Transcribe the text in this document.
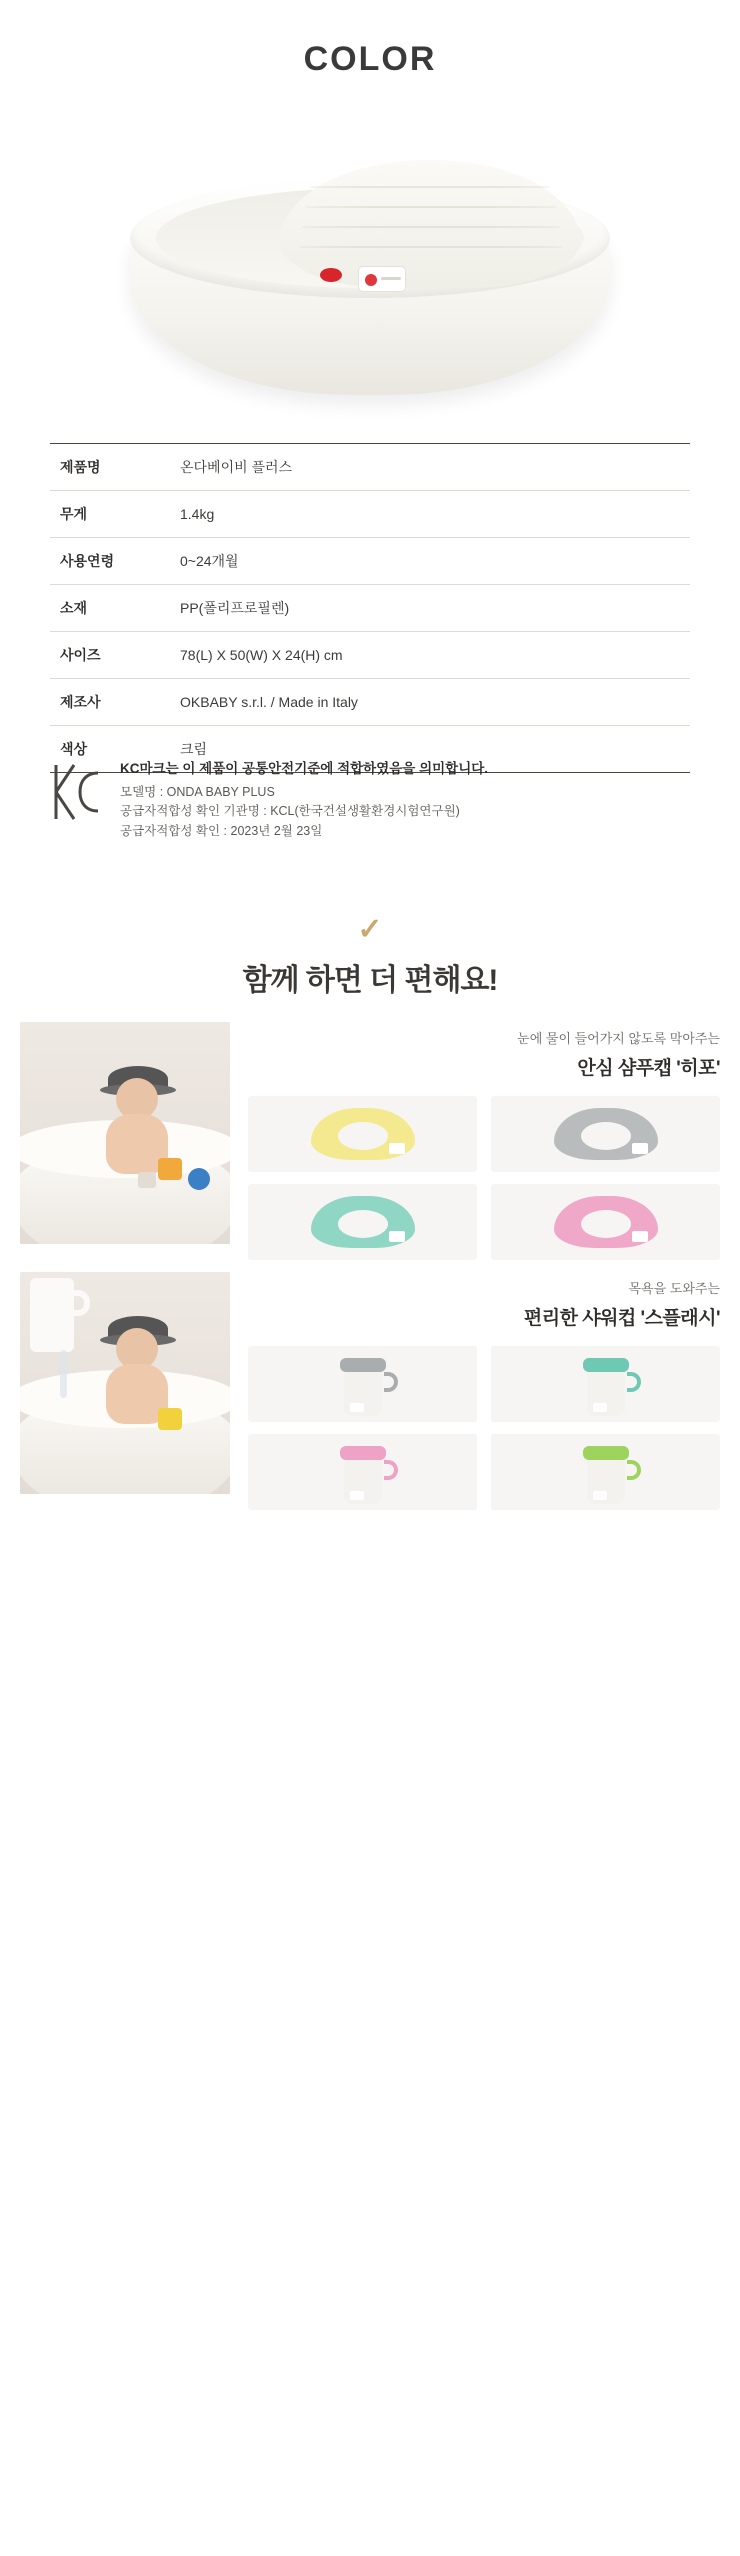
COLOR
제품명	온다베이비 플러스
무게	1.4kg
사용연령	0~24개월
소재	PP(폴리프로필렌)
사이즈	78(L) X 50(W) X 24(H) cm
제조사	OKBABY s.r.l. / Made in Italy
색상	크림
KC마크는 이 제품이 공통안전기준에 적합하였음을 의미합니다.
모델명 : ONDA BABY PLUS
공급자적합성 확인 기관명 : KCL(한국건설생활환경시험연구원)
공급자적합성 확인 : 2023년 2월 23일
✓
함께 하면 더 편해요!
눈에 물이 들어가지 않도록 막아주는
안심 샴푸캡 '히포'
목욕을 도와주는
편리한 샤워컵 '스플래시'
